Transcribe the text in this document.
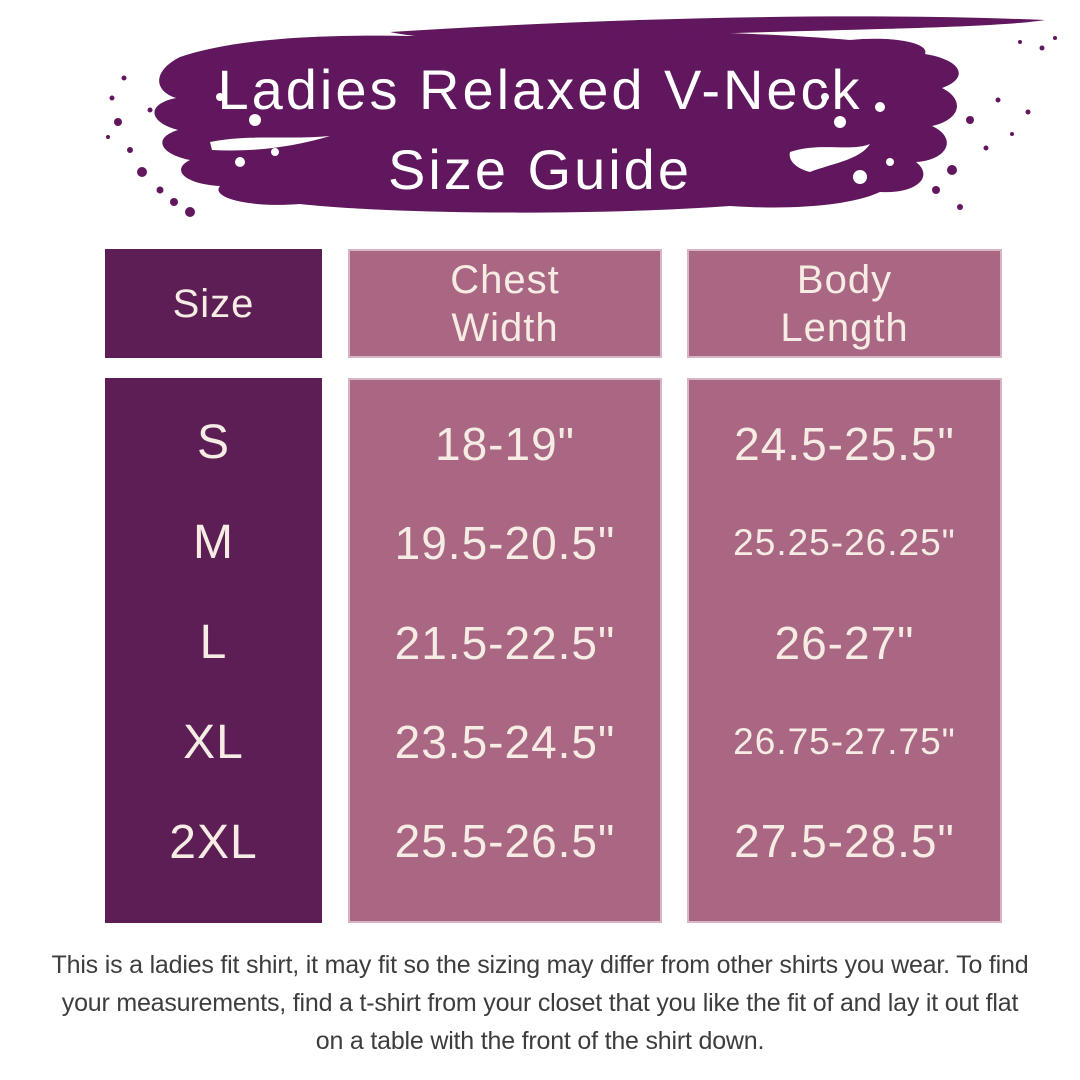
Ladies Relaxed V-Neck
Size Guide
Size
Chest
Width
Body
Length
S
M
L
XL
2XL
18-19"
19.5-20.5"
21.5-22.5"
23.5-24.5"
25.5-26.5"
24.5-25.5"
25.25-26.25"
26-27"
26.75-27.75"
27.5-28.5"
This is a ladies fit shirt, it may fit so the sizing may differ from other shirts you wear. To find your measurements, find a t-shirt from your closet that you like the fit of and lay it out flat on a table with the front of the shirt down.
